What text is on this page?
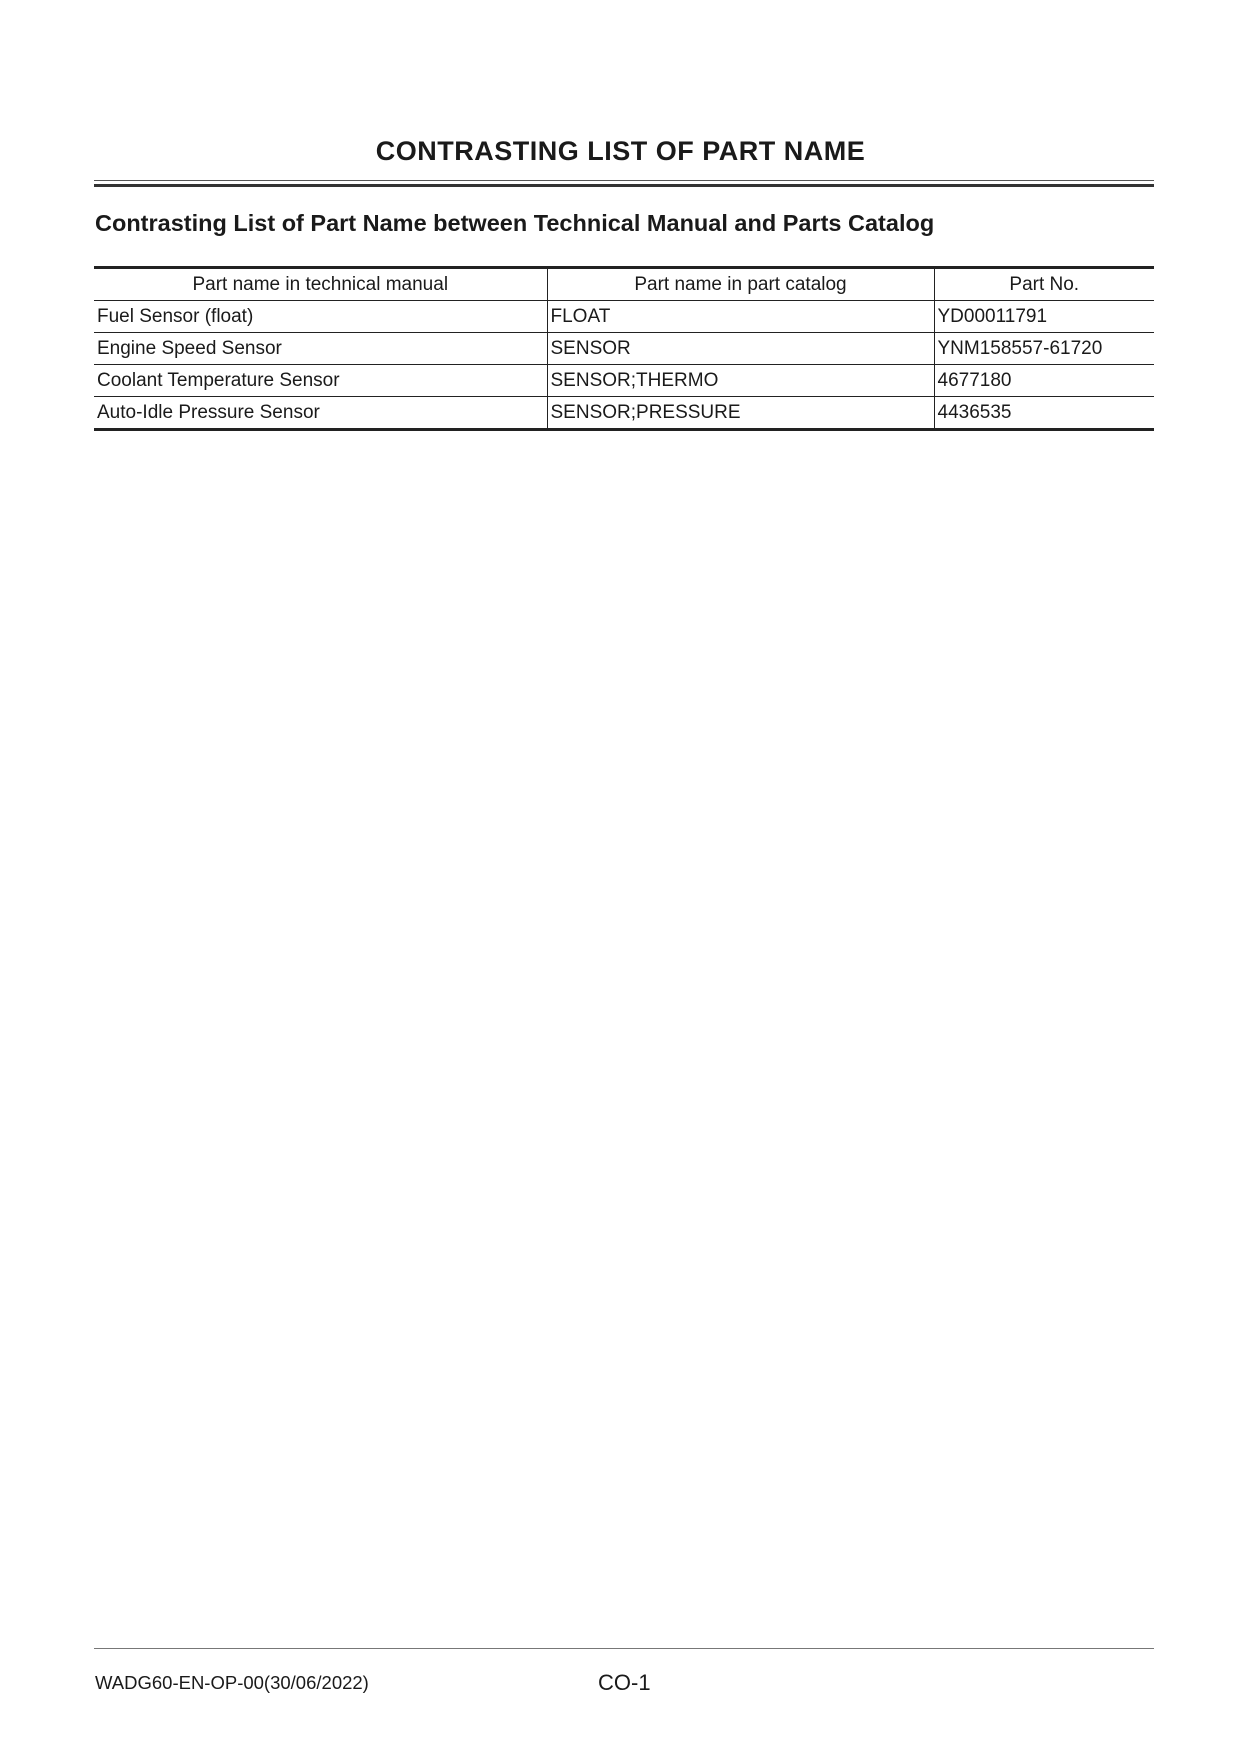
CONTRASTING LIST OF PART NAME
Contrasting List of Part Name between Technical Manual and Parts Catalog
Part name in technical manual	Part name in part catalog	Part No.
Fuel Sensor (float)	FLOAT	YD00011791
Engine Speed Sensor	SENSOR	YNM158557-61720
Coolant Temperature Sensor	SENSOR;THERMO	4677180
Auto-Idle Pressure Sensor	SENSOR;PRESSURE	4436535
WADG60-EN-OP-00(30/06/2022)	CO-1
